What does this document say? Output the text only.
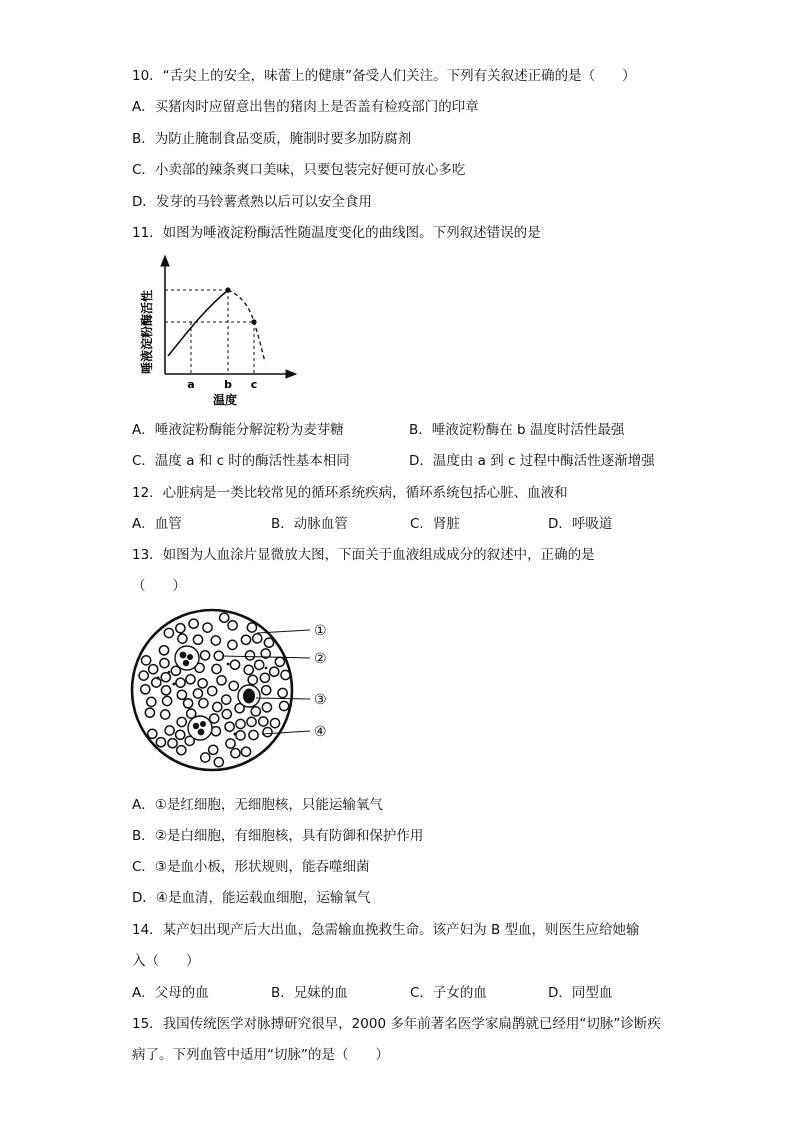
10．“舌尖上的安全，味蕾上的健康”备受人们关注。下列有关叙述正确的是（　　）
A．买猪肉时应留意出售的猪肉上是否盖有检疫部门的印章
B．为防止腌制食品变质，腌制时要多加防腐剂
C．小卖部的辣条爽口美味，只要包装完好便可放心多吃
D．发芽的马铃薯煮熟以后可以安全食用
11．如图为唾液淀粉酶活性随温度变化的曲线图。下列叙述错误的是
唾液淀粉酶活性
a	b c
温度
A．唾液淀粉酶能分解淀粉为麦芽糖	B．唾液淀粉酶在 b 温度时活性最强
C．温度 a 和 c 时的酶活性基本相同	D．温度由 a 到 c 过程中酶活性逐渐增强
12．心脏病是一类比较常见的循环系统疾病，循环系统包括心脏、血液和
A．血管	B．动脉血管	C．肾脏	D．呼吸道
13．如图为人血涂片显微放大图，下面关于血液组成成分的叙述中，正确的是
（　　）
①
②
③
④
A．①是红细胞，无细胞核，只能运输氧气
B．②是白细胞，有细胞核，具有防御和保护作用
C．③是血小板，形状规则，能吞噬细菌
D．④是血清，能运载血细胞，运输氧气
14．某产妇出现产后大出血，急需输血挽救生命。该产妇为 B 型血，则医生应给她输
入（　　）
A．父母的血	B．兄妹的血	C．子女的血	D．同型血
15．我国传统医学对脉搏研究很早，2000 多年前著名医学家扁鹊就已经用“切脉”诊断疾
病了。下列血管中适用“切脉”的是（　　）
